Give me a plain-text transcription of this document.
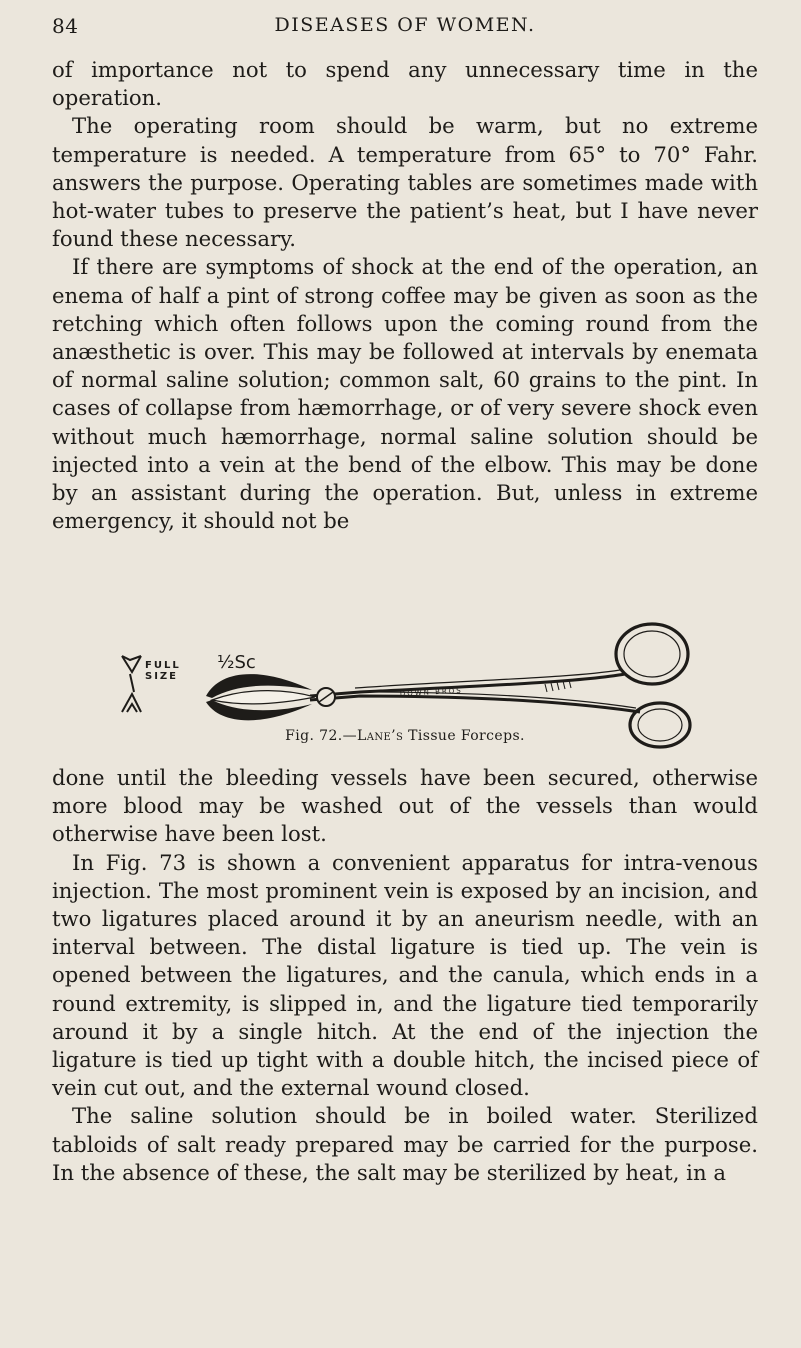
84	DISEASES OF WOMEN.

of importance not to spend any unnecessary time in the operation.

The operating room should be warm, but no extreme temperature is needed. A temperature from 65° to 70° Fahr. answers the purpose. Operating tables are sometimes made with hot-water tubes to preserve the patient’s heat, but I have never found these necessary.

If there are symptoms of shock at the end of the operation, an enema of half a pint of strong coffee may be given as soon as the retching which often follows upon the coming round from the anæsthetic is over. This may be followed at intervals by enemata of normal saline solution; common salt, 60 grains to the pint. In cases of collapse from hæmorrhage, or of very severe shock even without much hæmorrhage, normal saline solution should be injected into a vein at the bend of the elbow. This may be done by an assistant during the operation. But, unless in extreme emergency, it should not be

FULL
SIZE
½Sc
DOWN BROS
Fig. 72.—Lane’s Tissue Forceps.

done until the bleeding vessels have been secured, otherwise more blood may be washed out of the vessels than would otherwise have been lost.

In Fig. 73 is shown a convenient apparatus for intra-venous injection. The most prominent vein is exposed by an incision, and two ligatures placed around it by an aneurism needle, with an interval between. The distal ligature is tied up. The vein is opened between the ligatures, and the canula, which ends in a round extremity, is slipped in, and the ligature tied temporarily around it by a single hitch. At the end of the injection the ligature is tied up tight with a double hitch, the incised piece of vein cut out, and the external wound closed.

The saline solution should be in boiled water. Sterilized tabloids of salt ready prepared may be carried for the purpose. In the absence of these, the salt may be sterilized by heat, in a
